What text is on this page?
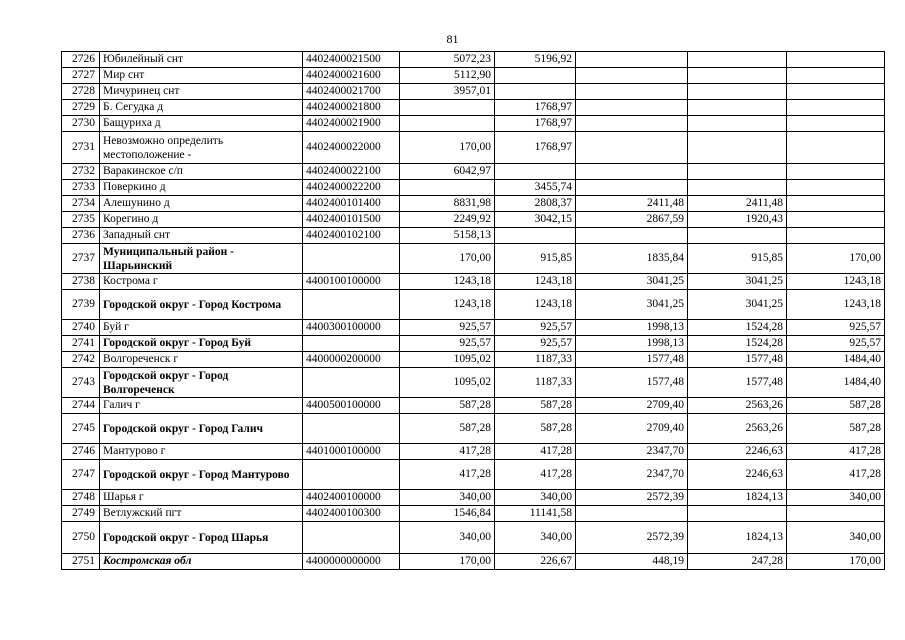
81
2726	Юбилейный снт	4402400021500	5072,23	5196,92			
2727	Мир снт	4402400021600	5112,90				
2728	Мичуринец снт	4402400021700	3957,01				
2729	Б. Сегудка д	4402400021800		1768,97			
2730	Бащуриха д	4402400021900		1768,97			
2731	Невозможно определить местоположение -	4402400022000	170,00	1768,97			
2732	Варакинское с/п	4402400022100	6042,97				
2733	Поверкино д	4402400022200		3455,74			
2734	Алешунино д	4402400101400	8831,98	2808,37	2411,48	2411,48	
2735	Корегино д	4402400101500	2249,92	3042,15	2867,59	1920,43	
2736	Западный снт	4402400102100	5158,13				
2737	Муниципальный район - Шарьинский		170,00	915,85	1835,84	915,85	170,00
2738	Кострома г	4400100100000	1243,18	1243,18	3041,25	3041,25	1243,18
2739	Городской округ - Город Кострома		1243,18	1243,18	3041,25	3041,25	1243,18
2740	Буй г	4400300100000	925,57	925,57	1998,13	1524,28	925,57
2741	Городской округ - Город Буй		925,57	925,57	1998,13	1524,28	925,57
2742	Волгореченск г	4400000200000	1095,02	1187,33	1577,48	1577,48	1484,40
2743	Городской округ - Город Волгореченск		1095,02	1187,33	1577,48	1577,48	1484,40
2744	Галич г	4400500100000	587,28	587,28	2709,40	2563,26	587,28
2745	Городской округ - Город Галич		587,28	587,28	2709,40	2563,26	587,28
2746	Мантурово г	4401000100000	417,28	417,28	2347,70	2246,63	417,28
2747	Городской округ - Город Мантурово		417,28	417,28	2347,70	2246,63	417,28
2748	Шарья г	4402400100000	340,00	340,00	2572,39	1824,13	340,00
2749	Ветлужский пгт	4402400100300	1546,84	11141,58			
2750	Городской округ - Город Шарья		340,00	340,00	2572,39	1824,13	340,00
2751	Костромская обл	4400000000000	170,00	226,67	448,19	247,28	170,00
